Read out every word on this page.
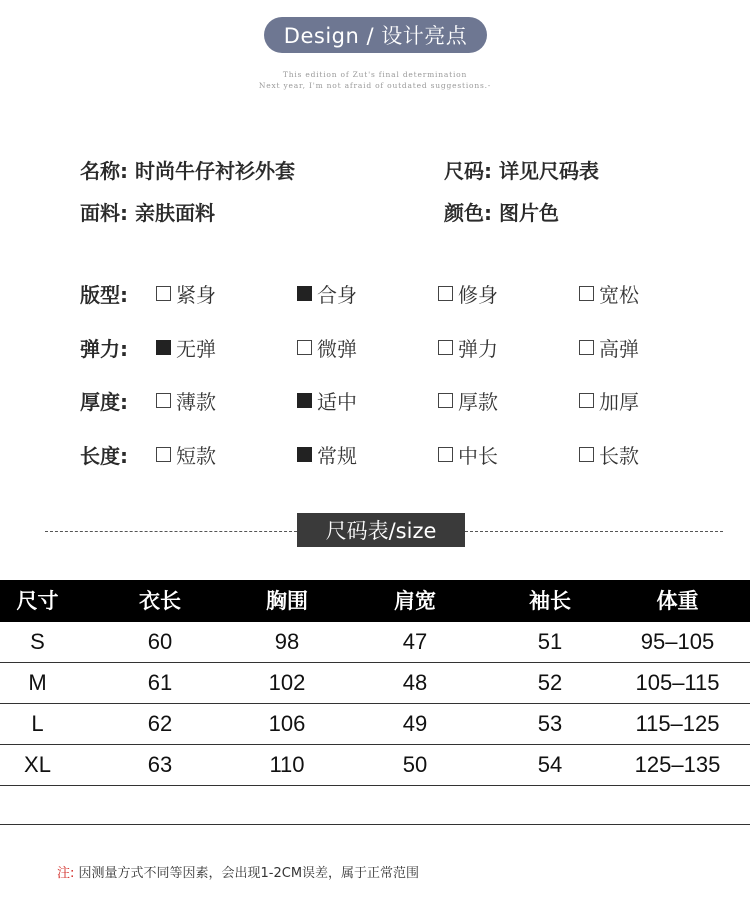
Design / 设计亮点
This edition of Zut's final determination
Next year, I'm not afraid of outdated suggestions.-
名称: 时尚牛仔衬衫外套	尺码: 详见尺码表
面料: 亲肤面料	颜色: 图片色
版型: 紧身	合身	修身	宽松
弹力: 无弹	微弹	弹力	高弹
厚度: 薄款	适中	厚款	加厚
长度: 短款	常规	中长	长款
尺码表/size
尺寸	衣长	胸围	肩宽	袖长	体重
S	60	98	47	51	95–105
M	61	102	48	52	105–115
L	62	106	49	53	115–125
XL	63	110	50	54	125–135
注: 因测量方式不同等因素，会出现1-2CM误差，属于正常范围
